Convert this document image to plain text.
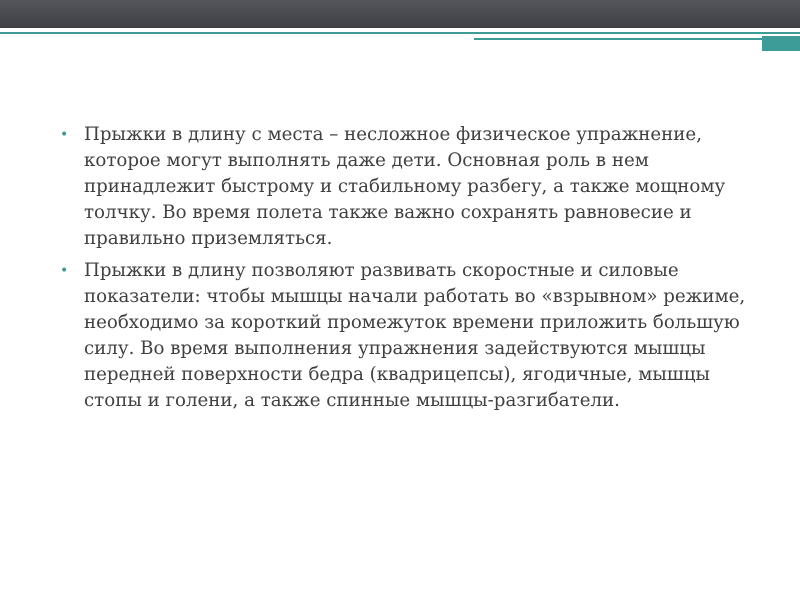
• Прыжки в длину с места – несложное физическое упражнение, которое могут выполнять даже дети. Основная роль в нем принадлежит быстрому и стабильному разбегу, а также мощному толчку. Во время полета также важно сохранять равновесие и правильно приземляться.
• Прыжки в длину позволяют развивать скоростные и силовые показатели: чтобы мышцы начали работать во «взрывном» режиме, необходимо за короткий промежуток времени приложить большую силу. Во время выполнения упражнения задействуются мышцы передней поверхности бедра (квадрицепсы), ягодичные, мышцы стопы и голени, а также спинные мышцы-разгибатели.
